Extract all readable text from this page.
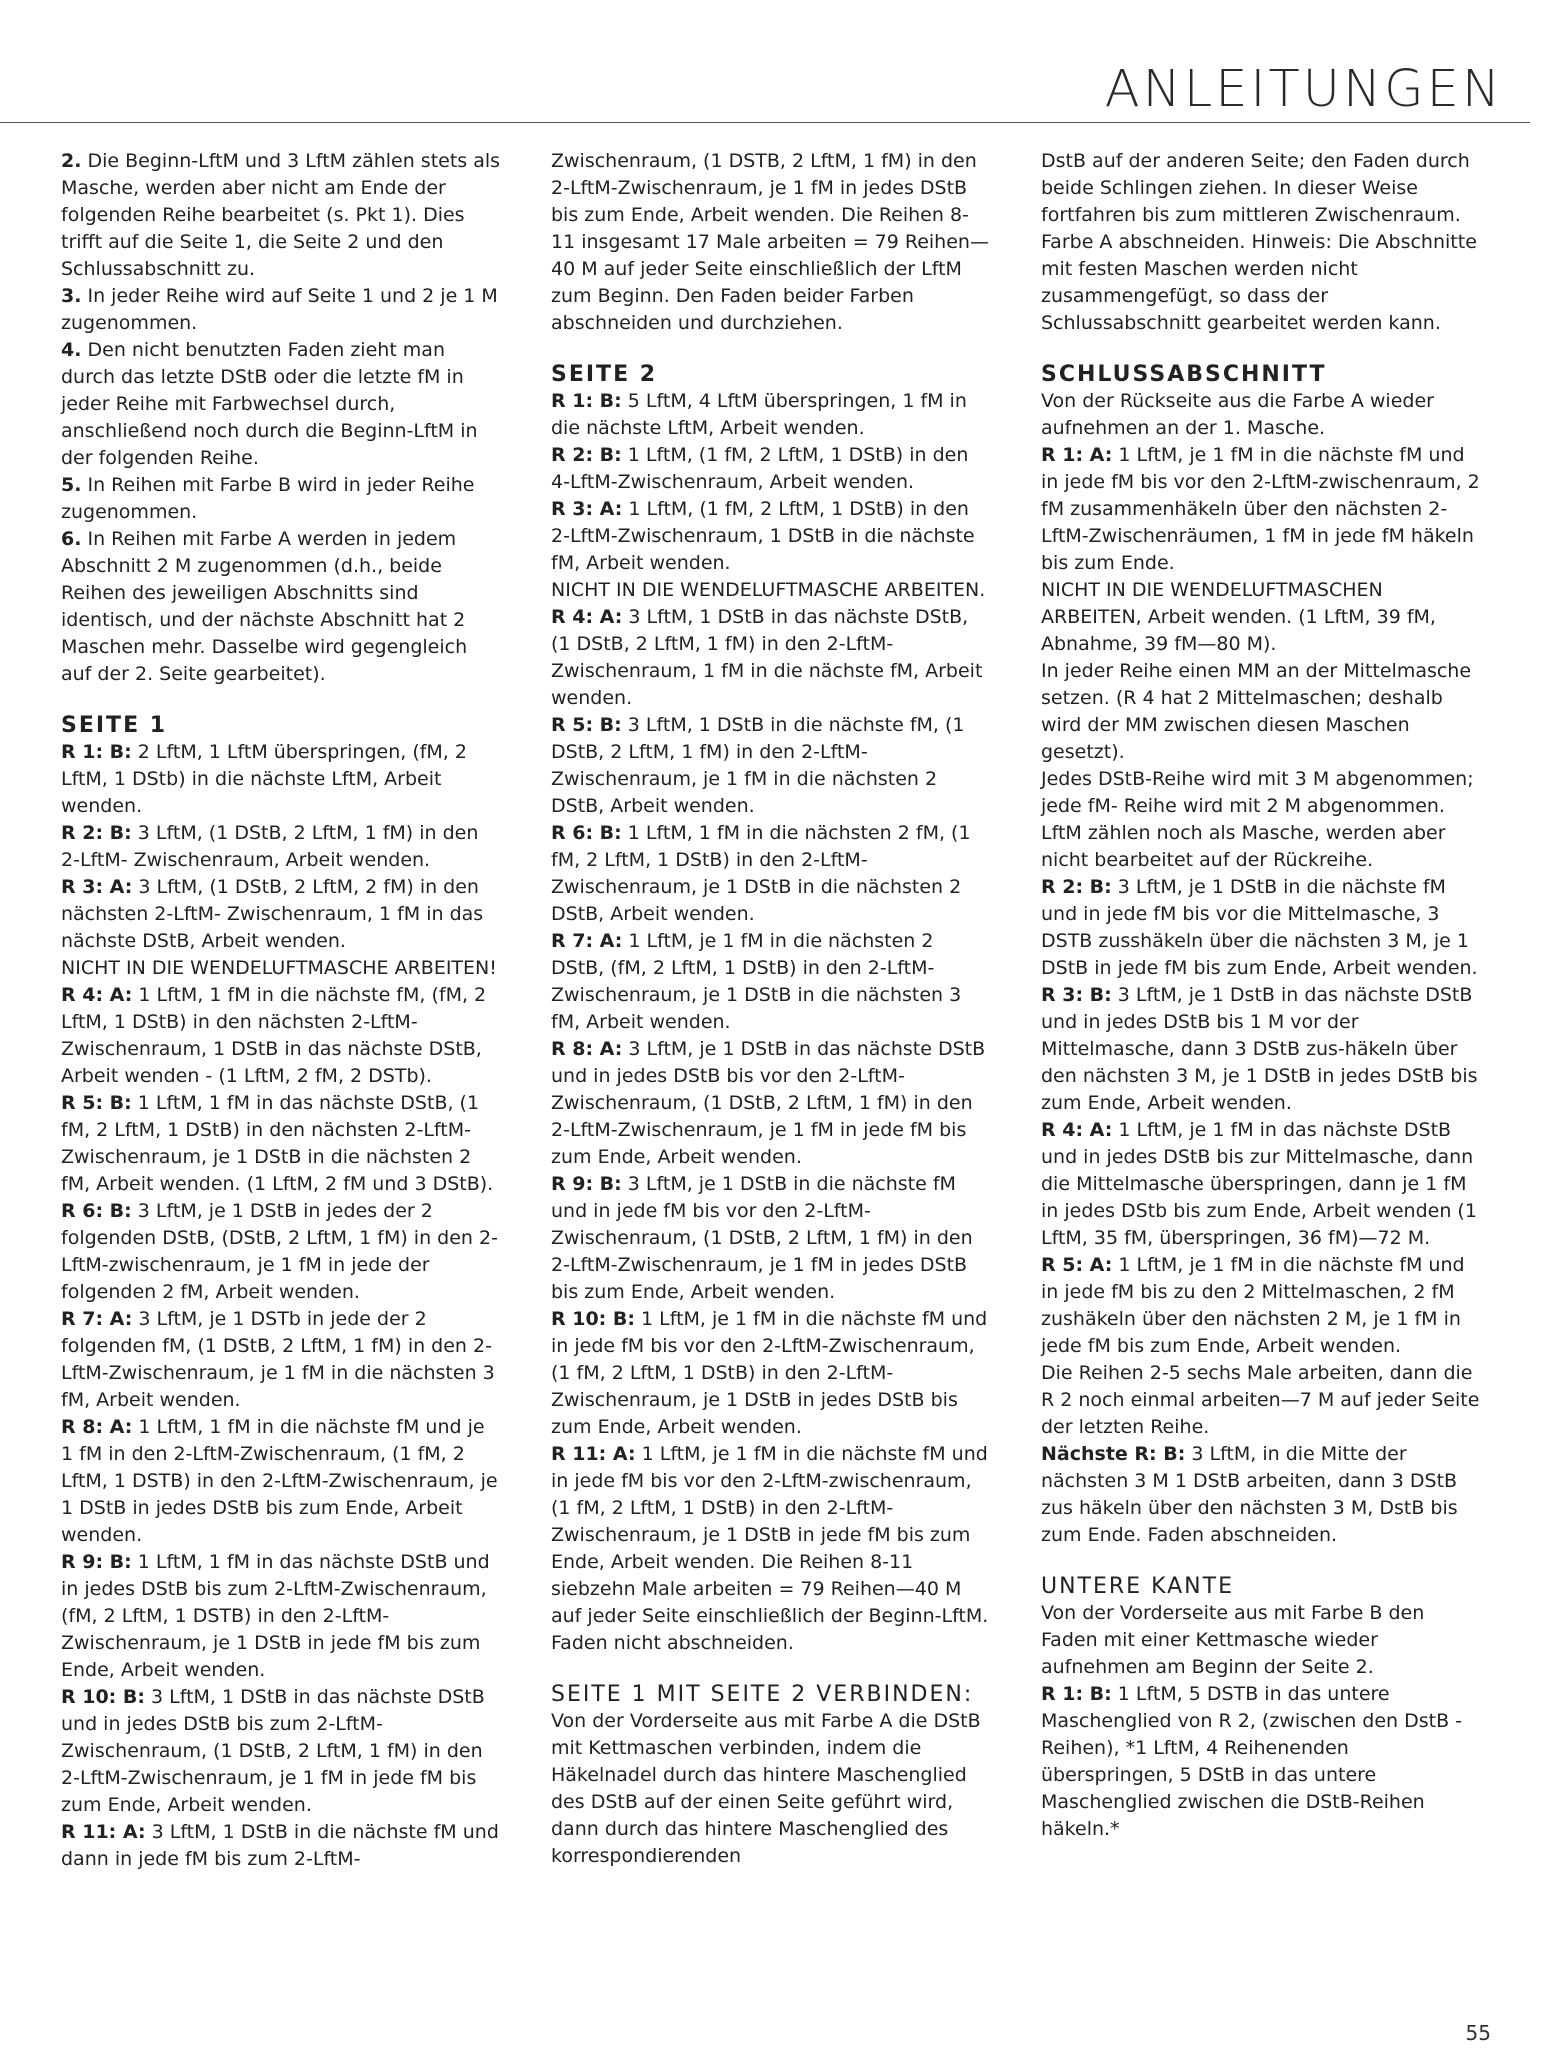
ANLEITUNGEN

2. Die Beginn-LftM und 3 LftM zählen stets als Masche, werden aber nicht am Ende der folgenden Reihe bearbeitet (s. Pkt 1). Dies trifft auf die Seite 1, die Seite 2 und den Schlussabschnitt zu.

3. In jeder Reihe wird auf Seite 1 und 2 je 1 M zugenommen.

4. Den nicht benutzten Faden zieht man durch das letzte DStB oder die letzte fM in jeder Reihe mit Farbwechsel durch, anschließend noch durch die Beginn-LftM in der folgenden Reihe.

5. In Reihen mit Farbe B wird in jeder Reihe zugenommen.

6. In Reihen mit Farbe A werden in jedem Abschnitt 2 M zugenommen (d.h., beide Reihen des jeweiligen Abschnitts sind identisch, und der nächste Abschnitt hat 2 Maschen mehr. Dasselbe wird gegengleich auf der 2. Seite gearbeitet).

SEITE 1

R 1: B: 2 LftM, 1 LftM überspringen, (fM, 2 LftM, 1 DStb) in die nächste LftM, Arbeit wenden.

R 2: B: 3 LftM, (1 DStB, 2 LftM, 1 fM) in den 2-LftM- Zwischenraum, Arbeit wenden.

R 3: A: 3 LftM, (1 DStB, 2 LftM, 2 fM) in den nächsten 2-LftM- Zwischenraum, 1 fM in das nächste DStB, Arbeit wenden.

NICHT IN DIE WENDELUFTMASCHE ARBEITEN!

R 4: A: 1 LftM, 1 fM in die nächste fM, (fM, 2 LftM, 1 DStB) in den nächsten 2-LftM-Zwischenraum, 1 DStB in das nächste DStB, Arbeit wenden - (1 LftM, 2 fM, 2 DSTb).

R 5: B: 1 LftM, 1 fM in das nächste DStB, (1 fM, 2 LftM, 1 DStB) in den nächsten 2-LftM-Zwischenraum, je 1 DStB in die nächsten 2 fM, Arbeit wenden. (1 LftM, 2 fM und 3 DStB).

R 6: B: 3 LftM, je 1 DStB in jedes der 2 folgenden DStB, (DStB, 2 LftM, 1 fM) in den 2-LftM-zwischenraum, je 1 fM in jede der folgenden 2 fM, Arbeit wenden.

R 7: A: 3 LftM, je 1 DSTb in jede der 2 folgenden fM, (1 DStB, 2 LftM, 1 fM) in den 2-LftM-Zwischenraum, je 1 fM in die nächsten 3 fM, Arbeit wenden.

R 8: A: 1 LftM, 1 fM in die nächste fM und je 1 fM in den 2-LftM-Zwischenraum, (1 fM, 2 LftM, 1 DSTB) in den 2-LftM-Zwischenraum, je 1 DStB in jedes DStB bis zum Ende, Arbeit wenden.

R 9: B: 1 LftM, 1 fM in das nächste DStB und in jedes DStB bis zum 2-LftM-Zwischenraum, (fM, 2 LftM, 1 DSTB) in den 2-LftM- Zwischenraum, je 1 DStB in jede fM bis zum Ende, Arbeit wenden.

R 10: B: 3 LftM, 1 DStB in das nächste DStB und in jedes DStB bis zum 2-LftM-Zwischenraum, (1 DStB, 2 LftM, 1 fM) in den 2-LftM-Zwischenraum, je 1 fM in jede fM bis zum Ende, Arbeit wenden.

R 11: A: 3 LftM, 1 DStB in die nächste fM und dann in jede fM bis zum 2-LftM-

Zwischenraum, (1 DSTB, 2 LftM, 1 fM) in den 2-LftM-Zwischenraum, je 1 fM in jedes DStB bis zum Ende, Arbeit wenden. Die Reihen 8-11 insgesamt 17 Male arbeiten = 79 Reihen—40 M auf jeder Seite einschließlich der LftM zum Beginn. Den Faden beider Farben abschneiden und durchziehen.

SEITE 2

R 1: B: 5 LftM, 4 LftM überspringen, 1 fM in die nächste LftM, Arbeit wenden.

R 2: B: 1 LftM, (1 fM, 2 LftM, 1 DStB) in den 4-LftM-Zwischenraum, Arbeit wenden.

R 3: A: 1 LftM, (1 fM, 2 LftM, 1 DStB) in den 2-LftM-Zwischenraum, 1 DStB in die nächste fM, Arbeit wenden.

NICHT IN DIE WENDELUFTMASCHE ARBEITEN.

R 4: A: 3 LftM, 1 DStB in das nächste DStB, (1 DStB, 2 LftM, 1 fM) in den 2-LftM-Zwischenraum, 1 fM in die nächste fM, Arbeit wenden.

R 5: B: 3 LftM, 1 DStB in die nächste fM, (1 DStB, 2 LftM, 1 fM) in den 2-LftM-Zwischenraum, je 1 fM in die nächsten 2 DStB, Arbeit wenden.

R 6: B: 1 LftM, 1 fM in die nächsten 2 fM, (1 fM, 2 LftM, 1 DStB) in den 2-LftM-Zwischenraum, je 1 DStB in die nächsten 2 DStB, Arbeit wenden.

R 7: A: 1 LftM, je 1 fM in die nächsten 2 DStB, (fM, 2 LftM, 1 DStB) in den 2-LftM-Zwischenraum, je 1 DStB in die nächsten 3 fM, Arbeit wenden.

R 8: A: 3 LftM, je 1 DStB in das nächste DStB und in jedes DStB bis vor den 2-LftM-Zwischenraum, (1 DStB, 2 LftM, 1 fM) in den 2-LftM-Zwischenraum, je 1 fM in jede fM bis zum Ende, Arbeit wenden.

R 9: B: 3 LftM, je 1 DStB in die nächste fM und in jede fM bis vor den 2-LftM-Zwischenraum, (1 DStB, 2 LftM, 1 fM) in den 2-LftM-Zwischenraum, je 1 fM in jedes DStB bis zum Ende, Arbeit wenden.

R 10: B: 1 LftM, je 1 fM in die nächste fM und in jede fM bis vor den 2-LftM-Zwischenraum, (1 fM, 2 LftM, 1 DStB) in den 2-LftM-Zwischenraum, je 1 DStB in jedes DStB bis zum Ende, Arbeit wenden.

R 11: A: 1 LftM, je 1 fM in die nächste fM und in jede fM bis vor den 2-LftM-zwischenraum, (1 fM, 2 LftM, 1 DStB) in den 2-LftM-Zwischenraum, je 1 DStB in jede fM bis zum Ende, Arbeit wenden. Die Reihen 8-11 siebzehn Male arbeiten = 79 Reihen—40 M auf jeder Seite einschließlich der Beginn-LftM. Faden nicht abschneiden.

SEITE 1 MIT SEITE 2 VERBINDEN:

Von der Vorderseite aus mit Farbe A die DStB mit Kettmaschen verbinden, indem die Häkelnadel durch das hintere Maschenglied des DStB auf der einen Seite geführt wird, dann durch das hintere Maschenglied des korrespondierenden

DstB auf der anderen Seite; den Faden durch beide Schlingen ziehen. In dieser Weise fortfahren bis zum mittleren Zwischenraum. Farbe A abschneiden. Hinweis: Die Abschnitte mit festen Maschen werden nicht zusammengefügt, so dass der Schlussabschnitt gearbeitet werden kann.

SCHLUSSABSCHNITT

Von der Rückseite aus die Farbe A wieder aufnehmen an der 1. Masche.

R 1: A: 1 LftM, je 1 fM in die nächste fM und in jede fM bis vor den 2-LftM-zwischenraum, 2 fM zusammenhäkeln über den nächsten 2-LftM-Zwischenräumen, 1 fM in jede fM häkeln bis zum Ende.

NICHT IN DIE WENDELUFTMASCHEN ARBEITEN, Arbeit wenden. (1 LftM, 39 fM, Abnahme, 39 fM—80 M).

In jeder Reihe einen MM an der Mittelmasche setzen. (R 4 hat 2 Mittelmaschen; deshalb wird der MM zwischen diesen Maschen gesetzt).

Jedes DStB-Reihe wird mit 3 M abgenommen; jede fM- Reihe wird mit 2 M abgenommen. LftM zählen noch als Masche, werden aber nicht bearbeitet auf der Rückreihe.

R 2: B: 3 LftM, je 1 DStB in die nächste fM und in jede fM bis vor die Mittelmasche, 3 DSTB zusshäkeln über die nächsten 3 M, je 1 DStB in jede fM bis zum Ende, Arbeit wenden.

R 3: B: 3 LftM, je 1 DstB in das nächste DStB und in jedes DStB bis 1 M vor der Mittelmasche, dann 3 DStB zus-häkeln über den nächsten 3 M, je 1 DStB in jedes DStB bis zum Ende, Arbeit wenden.

R 4: A: 1 LftM, je 1 fM in das nächste DStB und in jedes DStB bis zur Mittelmasche, dann die Mittelmasche überspringen, dann je 1 fM in jedes DStb bis zum Ende, Arbeit wenden (1 LftM, 35 fM, überspringen, 36 fM)—72 M.

R 5: A: 1 LftM, je 1 fM in die nächste fM und in jede fM bis zu den 2 Mittelmaschen, 2 fM zushäkeln über den nächsten 2 M, je 1 fM in jede fM bis zum Ende, Arbeit wenden.

Die Reihen 2-5 sechs Male arbeiten, dann die R 2 noch einmal arbeiten—7 M auf jeder Seite der letzten Reihe.

Nächste R: B: 3 LftM, in die Mitte der nächsten 3 M 1 DStB arbeiten, dann 3 DStB zus häkeln über den nächsten 3 M, DstB bis zum Ende. Faden abschneiden.

UNTERE KANTE

Von der Vorderseite aus mit Farbe B den Faden mit einer Kettmasche wieder aufnehmen am Beginn der Seite 2.

R 1: B: 1 LftM, 5 DSTB in das untere Maschenglied von R 2, (zwischen den DstB - Reihen), *1 LftM, 4 Reihenenden überspringen, 5 DStB in das untere Maschenglied zwischen die DStB-Reihen häkeln.*

55
